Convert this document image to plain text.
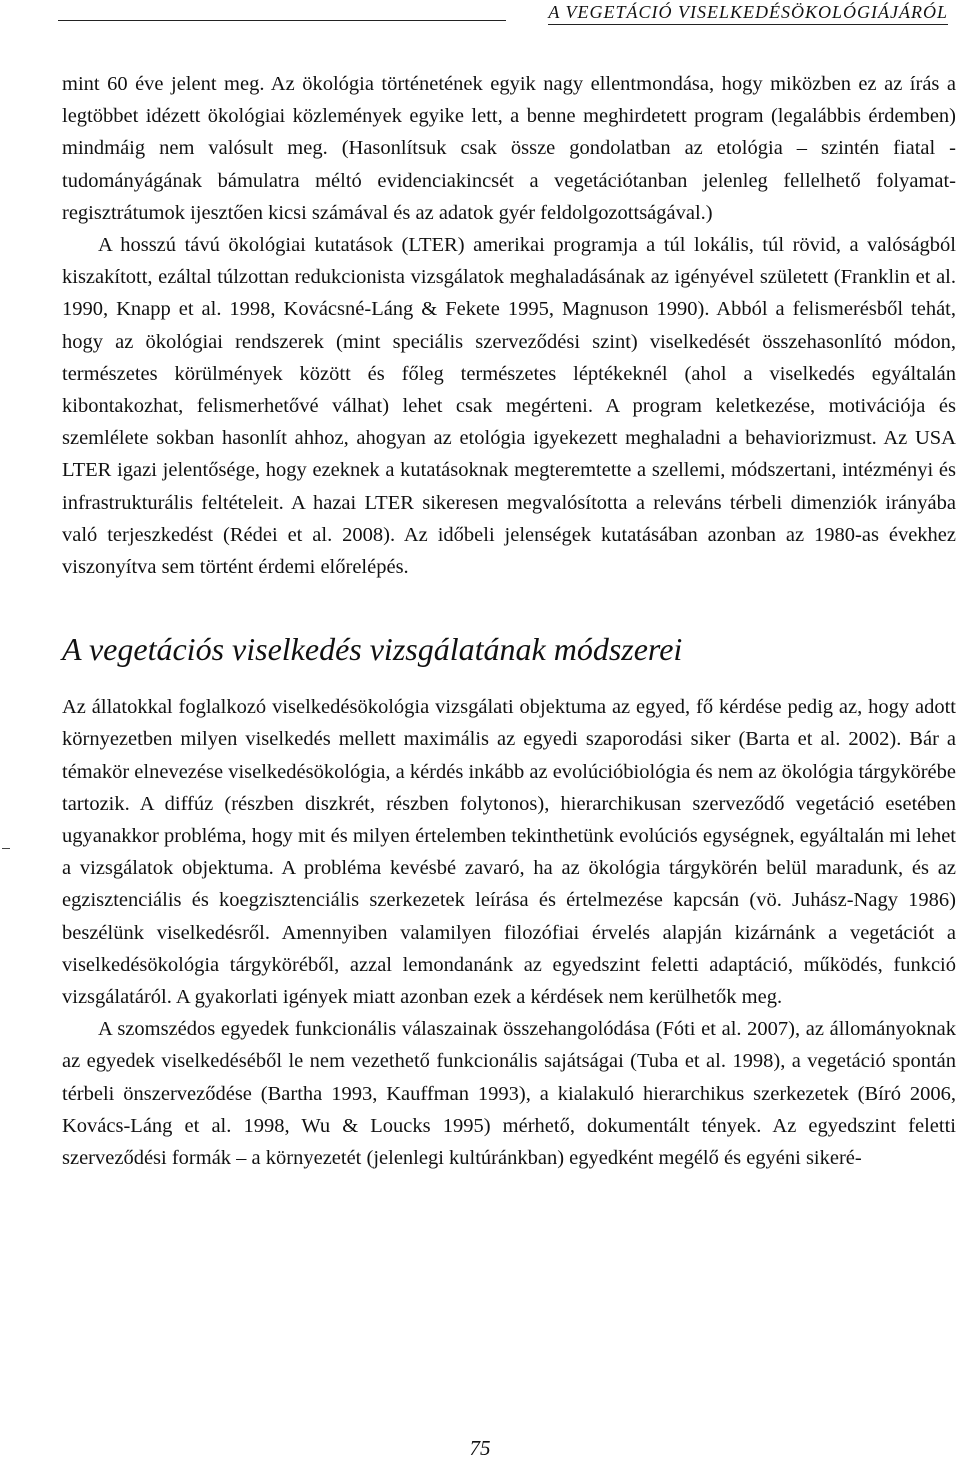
A VEGETÁCIÓ VISELKEDÉSÖKOLÓGIÁJÁRÓL

mint 60 éve jelent meg. Az ökológia történetének egyik nagy ellentmondása, hogy miközben ez az írás a legtöbbet idézett ökológiai közlemények egyike lett, a benne meghirdetett program (legalábbis érdemben) mindmáig nem valósult meg. (Hasonlítsuk csak össze gondolatban az etológia – szintén fiatal - tudományágának bámulatra méltó evidenciakincsét a vegetációtanban jelenleg fellelhető folyamat-regisztrátumok ijesztően kicsi számával és az adatok gyér feldolgozottságával.)

A hosszú távú ökológiai kutatások (LTER) amerikai programja a túl lokális, túl rövid, a valóságból kiszakított, ezáltal túlzottan redukcionista vizsgálatok meghaladásának az igényével született (Franklin et al. 1990, Knapp et al. 1998, Kovácsné-Láng & Fekete 1995, Magnuson 1990). Abból a felismerésből tehát, hogy az ökológiai rendszerek (mint speciális szerveződési szint) viselkedését összehasonlító módon, természetes körülmények között és főleg természetes léptékeknél (ahol a viselkedés egyáltalán kibontakozhat, felismerhetővé válhat) lehet csak megérteni. A program keletkezése, motivációja és szemlélete sokban hasonlít ahhoz, ahogyan az etológia igyekezett meghaladni a behaviorizmust. Az USA LTER igazi jelentősége, hogy ezeknek a kutatásoknak megteremtette a szellemi, módszertani, intézményi és infrastrukturális feltételeit. A hazai LTER sikeresen megvalósította a releváns térbeli dimenziók irányába való terjeszkedést (Rédei et al. 2008). Az időbeli jelenségek kutatásában azonban az 1980-as évekhez viszonyítva sem történt érdemi előrelépés.

A vegetációs viselkedés vizsgálatának módszerei

Az állatokkal foglalkozó viselkedésökológia vizsgálati objektuma az egyed, fő kérdése pedig az, hogy adott környezetben milyen viselkedés mellett maximális az egyedi szaporodási siker (Barta et al. 2002). Bár a témakör elnevezése viselkedésökológia, a kérdés inkább az evolúcióbiológia és nem az ökológia tárgykörébe tartozik. A diffúz (részben diszkrét, részben folytonos), hierarchikusan szerveződő vegetáció esetében ugyanakkor probléma, hogy mit és milyen értelemben tekinthetünk evolúciós egységnek, egyáltalán mi lehet a vizsgálatok objektuma. A probléma kevésbé zavaró, ha az ökológia tárgykörén belül maradunk, és az egzisztenciális és koegzisztenciális szerkezetek leírása és értelmezése kapcsán (vö. Juhász-Nagy 1986) beszélünk viselkedésről. Amennyiben valamilyen filozófiai érvelés alapján kizárnánk a vegetációt a viselkedésökológia tárgyköréből, azzal lemondanánk az egyedszint feletti adaptáció, működés, funkció vizsgálatáról. A gyakorlati igények miatt azonban ezek a kérdések nem kerülhetők meg.

A szomszédos egyedek funkcionális válaszainak összehangolódása (Fóti et al. 2007), az állományoknak az egyedek viselkedéséből le nem vezethető funkcionális sajátságai (Tuba et al. 1998), a vegetáció spontán térbeli önszerveződése (Bartha 1993, Kauffman 1993), a kialakuló hierarchikus szerkezetek (Bíró 2006, Kovács-Láng et al. 1998, Wu & Loucks 1995) mérhető, dokumentált tények. Az egyedszint feletti szerveződési formák – a környezetét (jelenlegi kultúránkban) egyedként megélő és egyéni sikeré-

75
